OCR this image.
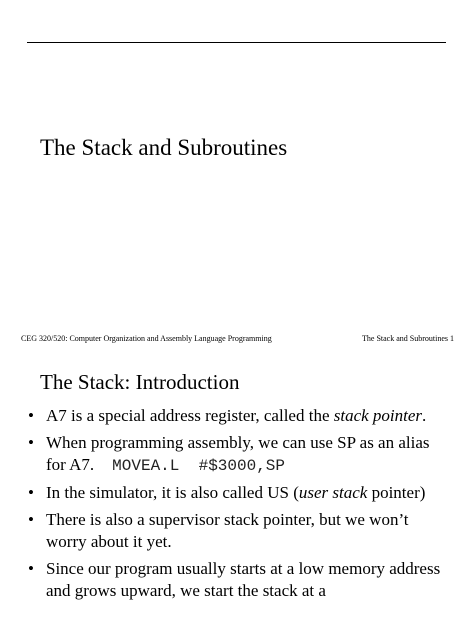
The Stack and Subroutines
CEG 320/520: Computer Organization and Assembly Language Programming	The Stack and Subroutines 1
The Stack: Introduction
• A7 is a special address register, called the stack pointer.
• When programming assembly, we can use SP as an alias for A7. MOVEA.L  #$3000,SP
• In the simulator, it is also called US (user stack pointer)
• There is also a supervisor stack pointer, but we won’t worry about it yet.
• Since our program usually starts at a low memory address and grows upward, we start the stack at a
